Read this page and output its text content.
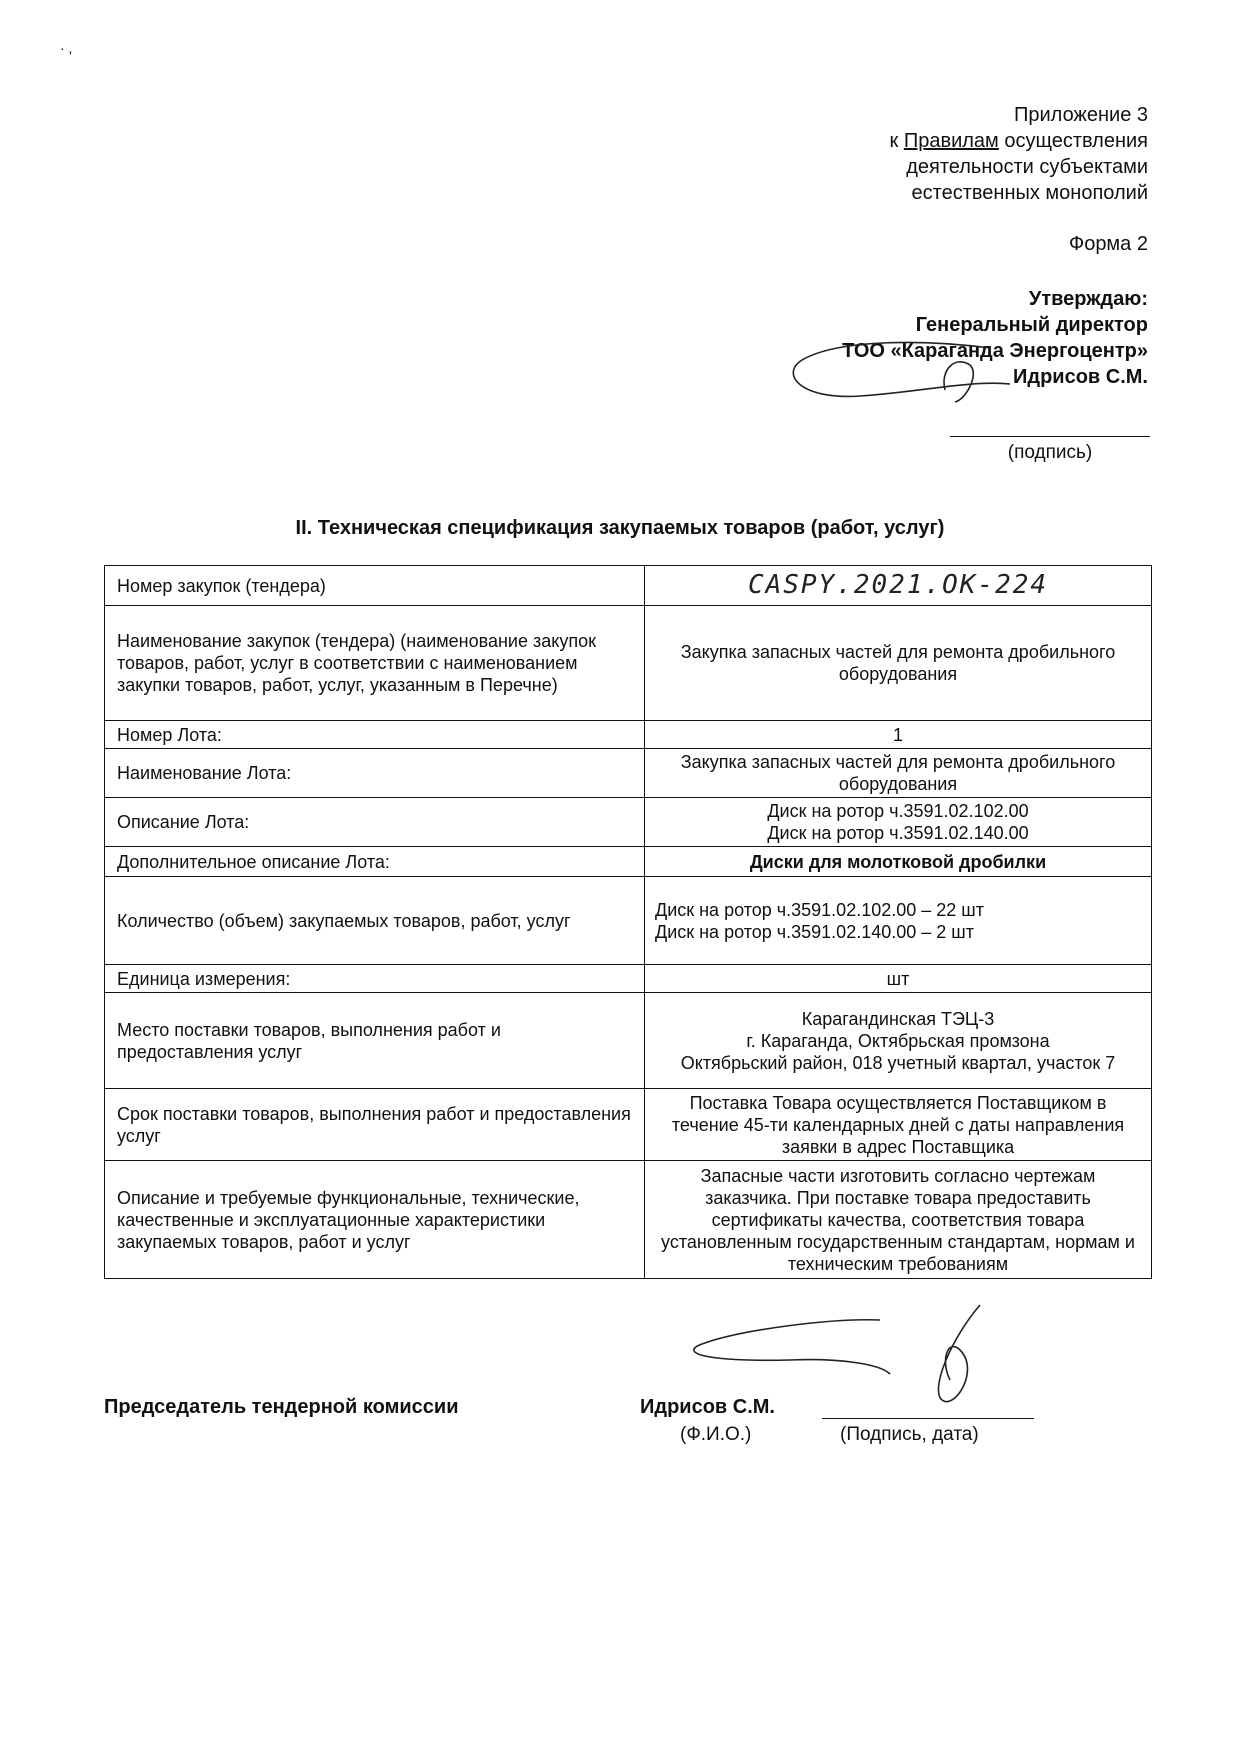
· ,
Приложение 3
к Правилам осуществления
деятельности субъектами
естественных монополий
Форма 2
Утверждаю:
Генеральный директор
ТОО «Караганда Энергоцентр»
Идрисов С.М.
(подпись)
II. Техническая спецификация закупаемых товаров (работ, услуг)
Номер закупок (тендера)	CASPY.2021.OK-224
Наименование закупок (тендера) (наименование закупок товаров, работ, услуг в соответствии с наименованием закупки товаров, работ, услуг, указанным в Перечне)	Закупка запасных частей для ремонта дробильного оборудования
Номер Лота:	1
Наименование Лота:	Закупка запасных частей для ремонта дробильного оборудования
Описание Лота:	Диск на ротор ч.3591.02.102.00
Диск на ротор ч.3591.02.140.00

Дополнительное описание Лота:	Диски для молотковой дробилки
Количество (объем) закупаемых товаров, работ, услуг	Диск на ротор ч.3591.02.102.00 – 22 шт
Диск на ротор ч.3591.02.140.00 – 2 шт

Единица измерения:	шт
Место поставки товаров, выполнения работ и предоставления услуг	Карагандинская ТЭЦ-3
г. Караганда, Октябрьская промзона
Октябрьский район, 018 учетный квартал, участок 7

Срок поставки товаров, выполнения работ и предоставления услуг	Поставка Товара осуществляется Поставщиком в течение 45-ти календарных дней с даты направления заявки в адрес Поставщика
Описание и требуемые функциональные, технические, качественные и эксплуатационные характеристики закупаемых товаров, работ и услуг	Запасные части изготовить согласно чертежам заказчика. При поставке товара предоставить сертификаты качества, соответствия товара установленным государственным стандартам, нормам и техническим требованиям
Председатель тендерной комиссии	Идрисов С.М.
(Ф.И.О.)	(Подпись, дата)
